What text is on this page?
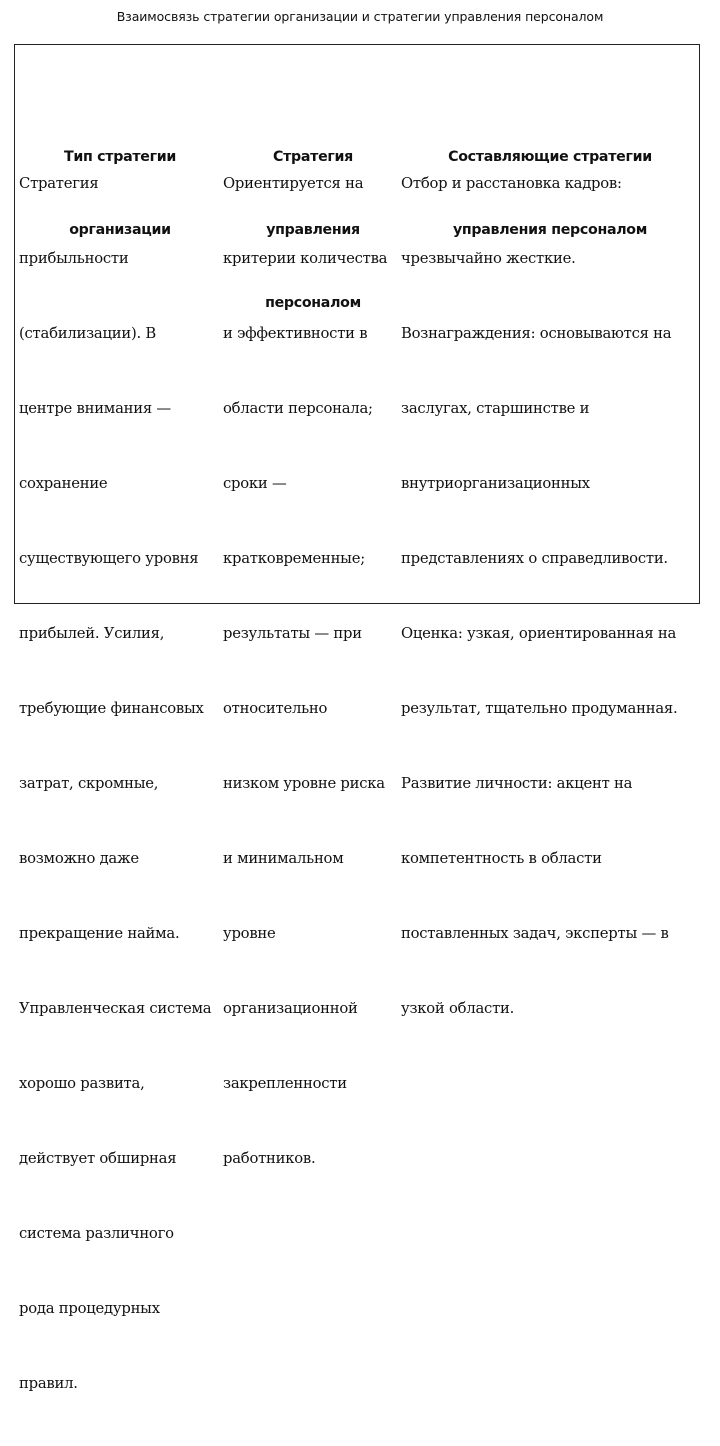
Взаимосвязь стратегии организации и стратегии управления персоналом

Тип стратегии

организации

Стратегия

прибыльности

(стабилизации). В

центре внимания —

сохранение

существующего уровня

прибылей. Усилия,

требующие финансовых

затрат, скромные,

возможно даже

прекращение найма.

Управленческая система

хорошо развита,

действует обширная

система различного

рода процедурных

правил.

Стратегия

управления

персоналом

Ориентируется на

критерии количества

и эффективности в

области персонала;

сроки —

кратковременные;

результаты — при

относительно

низком уровне риска

и минимальном

уровне

организационной

закрепленности

работников.

Составляющие стратегии

управления персоналом

Отбор и расстановка кадров:

чрезвычайно жесткие.

Вознаграждения: основываются на

заслугах, старшинстве и

внутриорганизационных

представлениях о справедливости.

Оценка: узкая, ориентированная на

результат, тщательно продуманная.

Развитие личности: акцент на

компетентность в области

поставленных задач, эксперты — в

узкой области.
